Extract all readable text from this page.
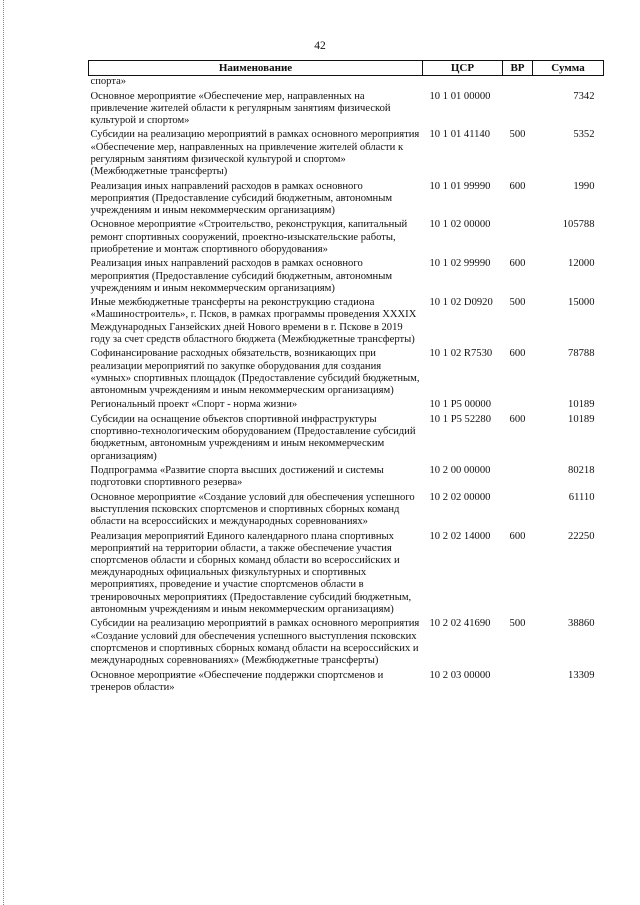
42
Наименование	ЦСР	ВР	Сумма
спорта»			
Основное мероприятие «Обеспечение мер, направленных на привлечение жителей области к регулярным занятиям физической культурой и спортом»	10 1 01 00000		7342
Субсидии на реализацию мероприятий в рамках основного мероприятия «Обеспечение мер, направленных на привлечение жителей области к регулярным занятиям физической культурой и спортом» (Межбюджетные трансферты)	10 1 01 41140	500	5352
Реализация иных направлений расходов в рамках основного мероприятия (Предоставление субсидий бюджетным, автономным учреждениям и иным некоммерческим организациям)	10 1 01 99990	600	1990
Основное мероприятие «Строительство, реконструкция, капитальный ремонт спортивных сооружений, проектно-изыскательские работы, приобретение и монтаж спортивного оборудования»	10 1 02 00000		105788
Реализация иных направлений расходов в рамках основного мероприятия (Предоставление субсидий бюджетным, автономным учреждениям и иным некоммерческим организациям)	10 1 02 99990	600	12000
Иные межбюджетные трансферты на реконструкцию стадиона «Машиностроитель», г. Псков, в рамках программы проведения XXXIX Международных Ганзейских дней Нового времени в г. Пскове в 2019 году за счет средств областного бюджета (Межбюджетные трансферты)	10 1 02 D0920	500	15000
Софинансирование расходных обязательств, возникающих при реализации мероприятий по закупке оборудования для создания «умных» спортивных площадок (Предоставление субсидий бюджетным, автономным учреждениям и иным некоммерческим организациям)	10 1 02 R7530	600	78788
Региональный проект «Спорт - норма жизни»	10 1 P5 00000		10189
Субсидии на оснащение объектов спортивной инфраструктуры спортивно-технологическим оборудованием (Предоставление субсидий бюджетным, автономным учреждениям и иным некоммерческим организациям)	10 1 P5 52280	600	10189
Подпрограмма «Развитие спорта высших достижений и системы подготовки спортивного резерва»	10 2 00 00000		80218
Основное мероприятие «Создание условий для обеспечения успешного выступления псковских спортсменов и спортивных сборных команд области на всероссийских и международных соревнованиях»	10 2 02 00000		61110
Реализация мероприятий Единого календарного плана спортивных мероприятий на территории области, а также обеспечение участия спортсменов области и сборных команд области во всероссийских и международных официальных физкультурных и спортивных мероприятиях, проведение и участие спортсменов области в тренировочных мероприятиях (Предоставление субсидий бюджетным, автономным учреждениям и иным некоммерческим организациям)	10 2 02 14000	600	22250
Субсидии на реализацию мероприятий в рамках основного мероприятия «Создание условий для обеспечения успешного выступления псковских спортсменов и спортивных сборных команд области на всероссийских и международных соревнованиях» (Межбюджетные трансферты)	10 2 02 41690	500	38860
Основное мероприятие «Обеспечение поддержки спортсменов и тренеров области»	10 2 03 00000		13309
